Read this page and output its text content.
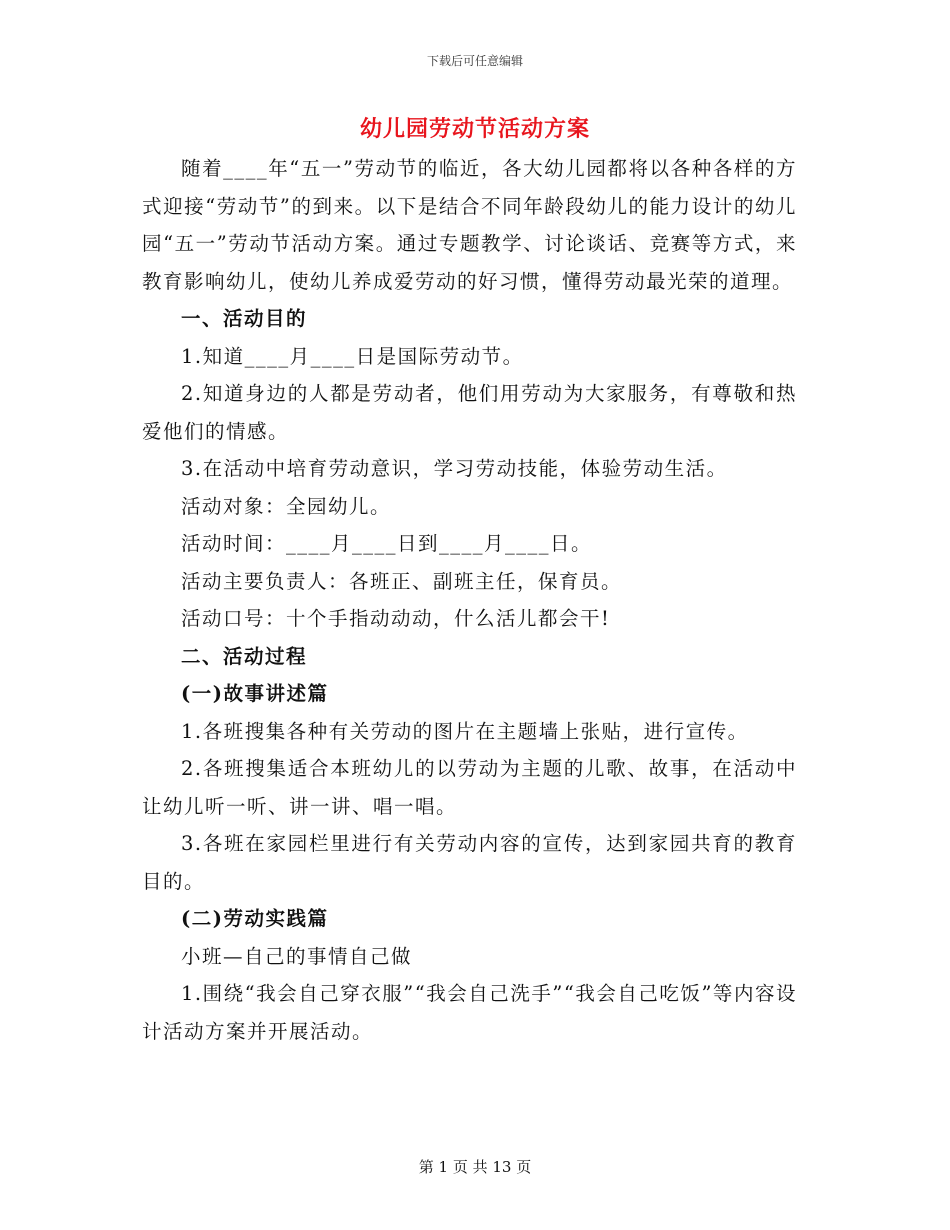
下载后可任意编辑
幼儿园劳动节活动方案

随着____年“五一”劳动节的临近，各大幼儿园都将以各种各样的方式迎接“劳动节”的到来。以下是结合不同年龄段幼儿的能力设计的幼儿园“五一”劳动节活动方案。通过专题教学、讨论谈话、竞赛等方式，来教育影响幼儿，使幼儿养成爱劳动的好习惯，懂得劳动最光荣的道理。

一、活动目的

1.知道____月____日是国际劳动节。

2.知道身边的人都是劳动者，他们用劳动为大家服务，有尊敬和热爱他们的情感。

3.在活动中培育劳动意识，学习劳动技能，体验劳动生活。

活动对象：全园幼儿。

活动时间：____月____日到____月____日。

活动主要负责人：各班正、副班主任，保育员。

活动口号：十个手指动动动，什么活儿都会干!

二、活动过程

(一)故事讲述篇

1.各班搜集各种有关劳动的图片在主题墙上张贴，进行宣传。

2.各班搜集适合本班幼儿的以劳动为主题的儿歌、故事，在活动中让幼儿听一听、讲一讲、唱一唱。

3.各班在家园栏里进行有关劳动内容的宣传，达到家园共育的教育目的。

(二)劳动实践篇

小班—自己的事情自己做

1.围绕“我会自己穿衣服”“我会自己洗手”“我会自己吃饭”等内容设计活动方案并开展活动。

第 1 页 共 13 页
